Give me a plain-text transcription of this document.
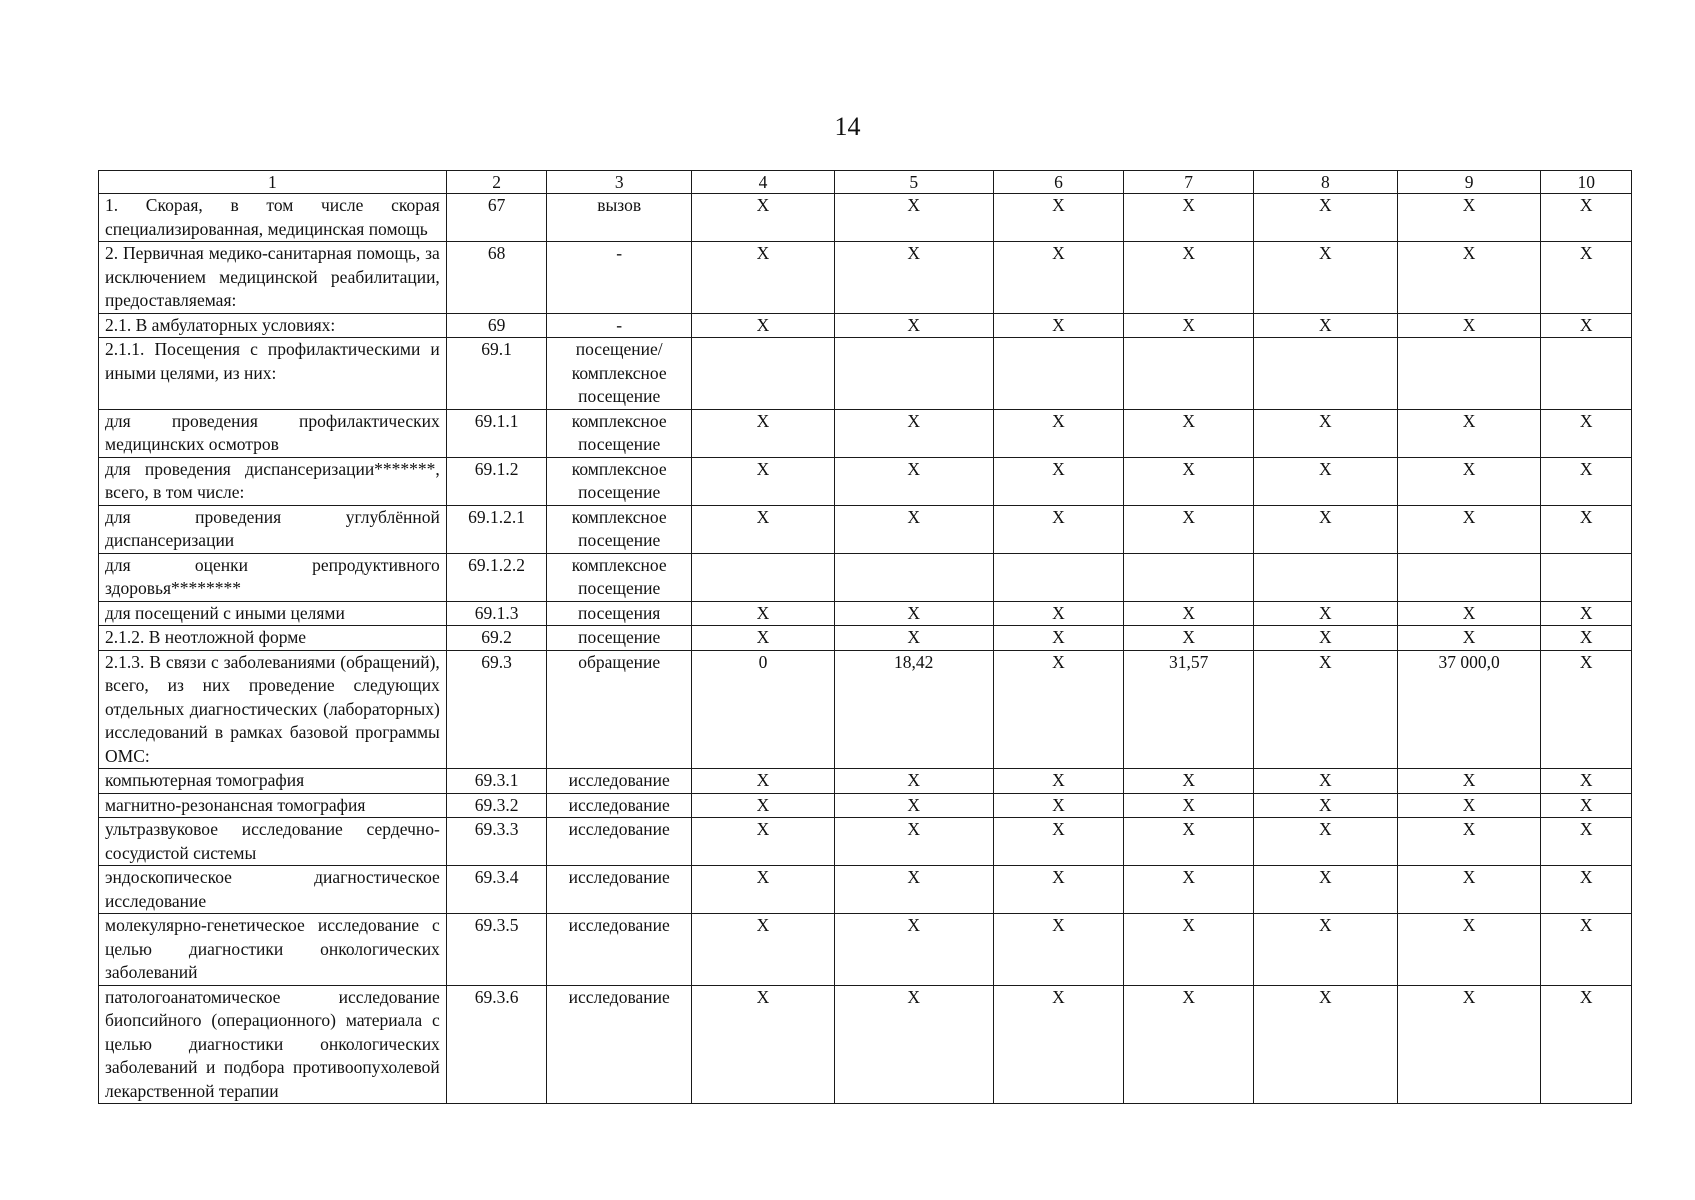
14
1	2	3	4	5	6	7	8	9	10
1. Скорая, в том числе скорая специализированная, медицинская помощь	67	вызов	Х	Х	Х	Х	Х	Х	Х
2. Первичная медико-санитарная помощь, за исключением медицинской реабилитации, предоставляемая:	68	-	Х	Х	Х	Х	Х	Х	Х
2.1. В амбулаторных условиях:	69	-	Х	Х	Х	Х	Х	Х	Х
2.1.1. Посещения с профилактическими и иными целями, из них:	69.1	посещение/ комплексное посещение							
для проведения профилактических медицинских осмотров	69.1.1	комплексное посещение	Х	Х	Х	Х	Х	Х	Х
для проведения диспансеризации*******, всего, в том числе:	69.1.2	комплексное посещение	Х	Х	Х	Х	Х	Х	Х
для проведения углублённой диспансеризации	69.1.2.1	комплексное посещение	Х	Х	Х	Х	Х	Х	Х
для оценки репродуктивного здоровья********	69.1.2.2	комплексное посещение							
для посещений с иными целями	69.1.3	посещения	Х	Х	Х	Х	Х	Х	Х
2.1.2. В неотложной форме	69.2	посещение	Х	Х	Х	Х	Х	Х	Х
2.1.3. В связи с заболеваниями (обращений), всего, из них проведение следующих отдельных диагностических (лабораторных) исследований в рамках базовой программы ОМС:	69.3	обращение	0	18,42	Х	31,57	Х	37 000,0	Х
компьютерная томография	69.3.1	исследование	Х	Х	Х	Х	Х	Х	Х
магнитно-резонансная томография	69.3.2	исследование	Х	Х	Х	Х	Х	Х	Х
ультразвуковое исследование сердечно-сосудистой системы	69.3.3	исследование	Х	Х	Х	Х	Х	Х	Х
эндоскопическое диагностическое исследование	69.3.4	исследование	Х	Х	Х	Х	Х	Х	Х
молекулярно-генетическое исследование с целью диагностики онкологических заболеваний	69.3.5	исследование	Х	Х	Х	Х	Х	Х	Х
патологоанатомическое исследование биопсийного (операционного) материала с целью диагностики онкологических заболеваний и подбора противоопухолевой лекарственной терапии	69.3.6	исследование	Х	Х	Х	Х	Х	Х	Х
